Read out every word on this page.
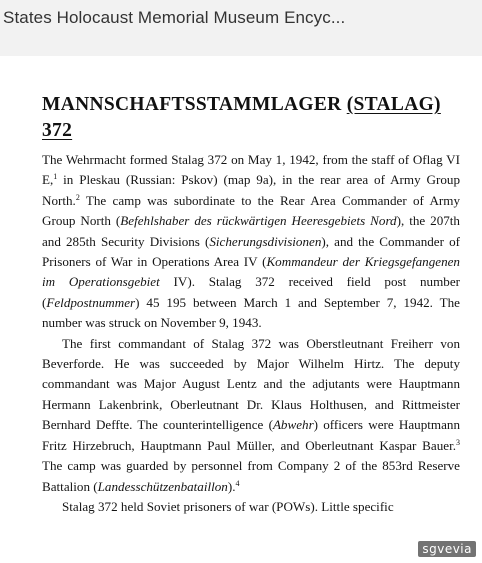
States Holocaust Memorial Museum Encyc...
MANNSCHAFTSSTAMMLAGER (STALAG)
372

The Wehrmacht formed Stalag 372 on May 1, 1942, from the staff of Oflag VI E,$^1$ in Pleskau (Russian: Pskov) (map 9a), in the rear area of Army Group North.$^2$ The camp was subordinate to the Rear Area Commander of Army Group North (Befehlshaber des rückwärtigen Heeresgebiets Nord), the 207th and 285th Security Divisions (Sicherungsdivisionen), and the Commander of Prisoners of War in Operations Area IV (Kommandeur der Kriegsgefangenen im Operationsgebiet IV). Stalag 372 received field post number (Feldpostnummer) 45 195 between March 1 and September 7, 1942. The number was struck on November 9, 1943.

The first commandant of Stalag 372 was Oberstleutnant Freiherr von Beverforde. He was succeeded by Major Wilhelm Hirtz. The deputy commandant was Major August Lentz and the adjutants were Hauptmann Hermann Lakenbrink, Oberleutnant Dr. Klaus Holthusen, and Rittmeister Bernhard Deffte. The counterintelligence (Abwehr) officers were Hauptmann Fritz Hirzebruch, Hauptmann Paul Müller, and Oberleutnant Kaspar Bauer.$^3$ The camp was guarded by personnel from Company 2 of the 853rd Reserve Battalion (Landesschützenbataillon).$^4$

Stalag 372 held Soviet prisoners of war (POWs). Little specific

sgvevia
